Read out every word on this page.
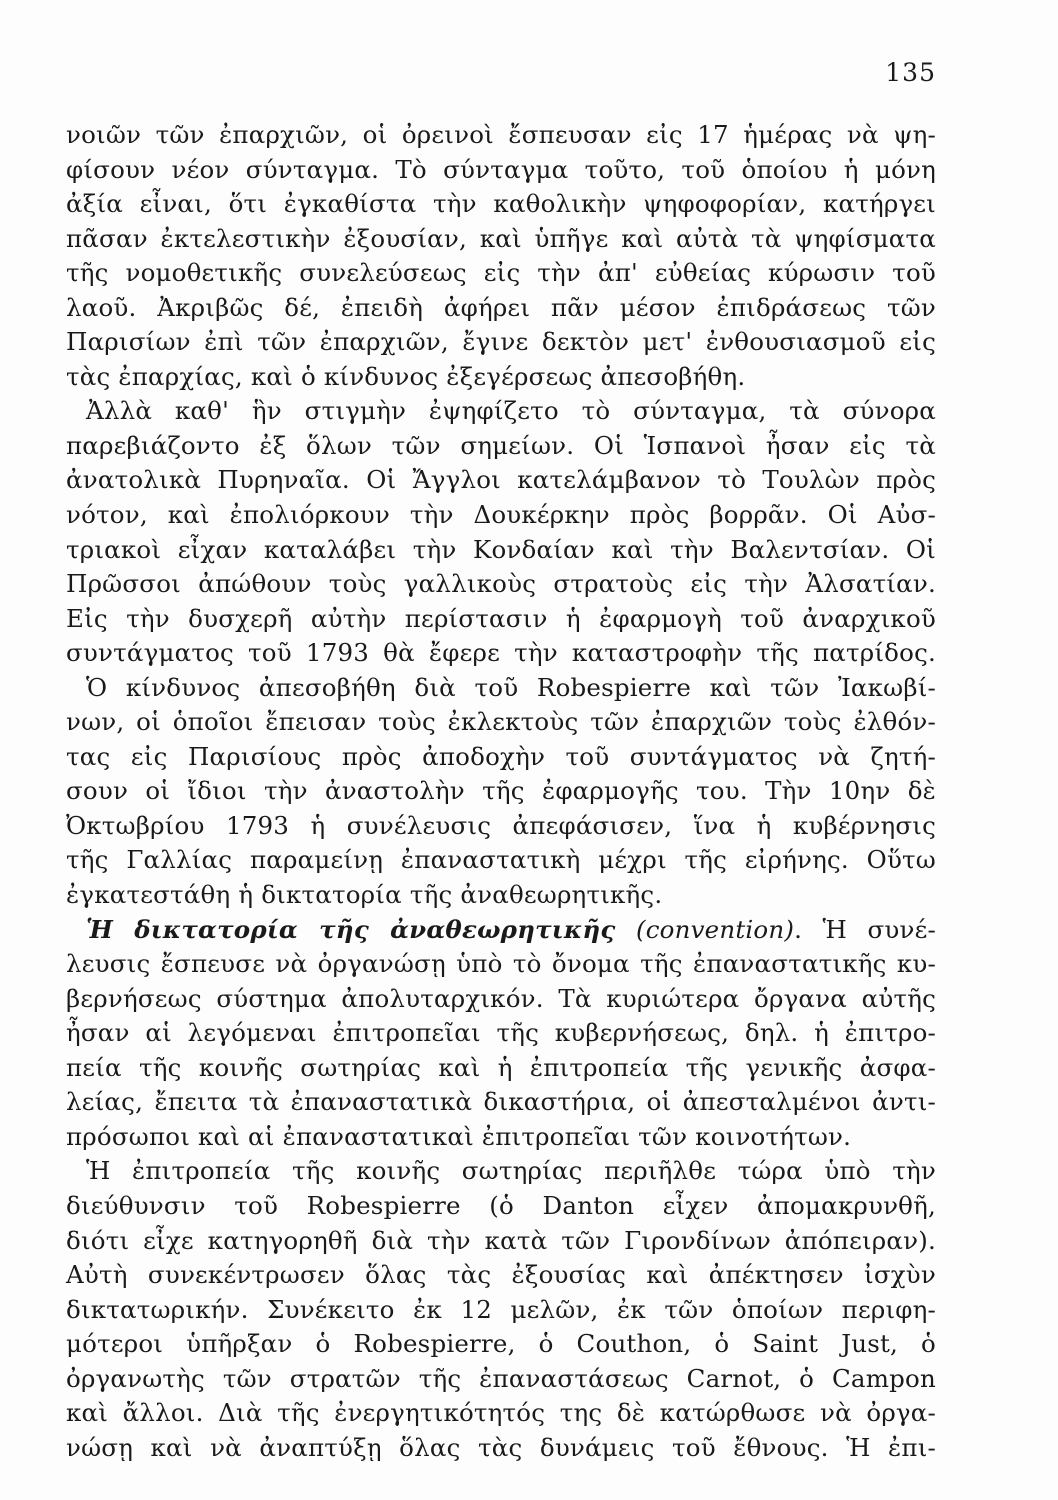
135
νοιῶν τῶν ἐπαρχιῶν, οἱ ὀρεινοὶ ἔσπευσαν εἰς 17 ἡμέρας νὰ ψη-
φίσουν νέον σύνταγμα. Τὸ σύνταγμα τοῦτο, τοῦ ὁποίου ἡ μόνη
ἀξία εἶναι, ὅτι ἐγκαθίστα τὴν καθολικὴν ψηφοφορίαν, κατήργει
πᾶσαν ἐκτελεστικὴν ἐξουσίαν, καὶ ὑπῆγε καὶ αὐτὰ τὰ ψηφίσματα
τῆς νομοθετικῆς συνελεύσεως εἰς τὴν ἀπ' εὐθείας κύρωσιν τοῦ
λαοῦ. Ἀκριβῶς δέ, ἐπειδὴ ἀφήρει πᾶν μέσον ἐπιδράσεως τῶν
Παρισίων ἐπὶ τῶν ἐπαρχιῶν, ἔγινε δεκτὸν μετ' ἐνθουσιασμοῦ εἰς
τὰς ἐπαρχίας, καὶ ὁ κίνδυνος ἐξεγέρσεως ἀπεσοβήθη.
Ἀλλὰ καθ' ἣν στιγμὴν ἐψηφίζετο τὸ σύνταγμα, τὰ σύνορα
παρεβιάζοντο ἐξ ὅλων τῶν σημείων. Οἱ Ἱσπανοὶ ἦσαν εἰς τὰ
ἀνατολικὰ Πυρηναῖα. Οἱ Ἄγγλοι κατελάμβανον τὸ Τουλὼν πρὸς
νότον, καὶ ἐπολιόρκουν τὴν Δουκέρκην πρὸς βορρᾶν. Οἱ Αὐσ-
τριακοὶ εἶχαν καταλάβει τὴν Κονδαίαν καὶ τὴν Βαλεντσίαν. Οἱ
Πρῶσσοι ἀπώθουν τοὺς γαλλικοὺς στρατοὺς εἰς τὴν Ἀλσατίαν.
Εἰς τὴν δυσχερῆ αὐτὴν περίστασιν ἡ ἐφαρμογὴ τοῦ ἀναρχικοῦ
συντάγματος τοῦ 1793 θὰ ἔφερε τὴν καταστροφὴν τῆς πατρίδος.
Ὁ κίνδυνος ἀπεσοβήθη διὰ τοῦ Robespierre καὶ τῶν Ἰακωβί-
νων, οἱ ὁποῖοι ἔπεισαν τοὺς ἐκλεκτοὺς τῶν ἐπαρχιῶν τοὺς ἐλθόν-
τας εἰς Παρισίους πρὸς ἀποδοχὴν τοῦ συντάγματος νὰ ζητή-
σουν οἱ ἴδιοι τὴν ἀναστολὴν τῆς ἐφαρμογῆς του. Τὴν 10ην δὲ
Ὀκτωβρίου 1793 ἡ συνέλευσις ἀπεφάσισεν, ἵνα ἡ κυβέρνησις
τῆς Γαλλίας παραμείνῃ ἐπαναστατικὴ μέχρι τῆς εἰρήνης. Οὕτω
ἐγκατεστάθη ἡ δικτατορία τῆς ἀναθεωρητικῆς.
Ἡ δικτατορία τῆς ἀναθεωρητικῆς (convention). Ἡ συνέ-
λευσις ἔσπευσε νὰ ὀργανώσῃ ὑπὸ τὸ ὄνομα τῆς ἐπαναστατικῆς κυ-
βερνήσεως σύστημα ἀπολυταρχικόν. Τὰ κυριώτερα ὄργανα αὐτῆς
ἦσαν αἱ λεγόμεναι ἐπιτροπεῖαι τῆς κυβερνήσεως, δηλ. ἡ ἐπιτρο-
πεία τῆς κοινῆς σωτηρίας καὶ ἡ ἐπιτροπεία τῆς γενικῆς ἀσφα-
λείας, ἔπειτα τὰ ἐπαναστατικὰ δικαστήρια, οἱ ἀπεσταλμένοι ἀντι-
πρόσωποι καὶ αἱ ἐπαναστατικαὶ ἐπιτροπεῖαι τῶν κοινοτήτων.
Ἡ ἐπιτροπεία τῆς κοινῆς σωτηρίας περιῆλθε τώρα ὑπὸ τὴν
διεύθυνσιν τοῦ Robespierre (ὁ Danton εἶχεν ἀπομακρυνθῆ,
διότι εἶχε κατηγορηθῆ διὰ τὴν κατὰ τῶν Γιρονδίνων ἀπόπειραν).
Αὐτὴ συνεκέντρωσεν ὅλας τὰς ἐξουσίας καὶ ἀπέκτησεν ἰσχὺν
δικτατωρικήν. Συνέκειτο ἐκ 12 μελῶν, ἐκ τῶν ὁποίων περιφη-
μότεροι ὑπῆρξαν ὁ Robespierre, ὁ Couthon, ὁ Saint Just, ὁ
ὀργανωτὴς τῶν στρατῶν τῆς ἐπαναστάσεως Carnot, ὁ Campon
καὶ ἄλλοι. Διὰ τῆς ἐνεργητικότητός της δὲ κατώρθωσε νὰ ὀργα-
νώσῃ καὶ νὰ ἀναπτύξῃ ὅλας τὰς δυνάμεις τοῦ ἔθνους. Ἡ ἐπι-
